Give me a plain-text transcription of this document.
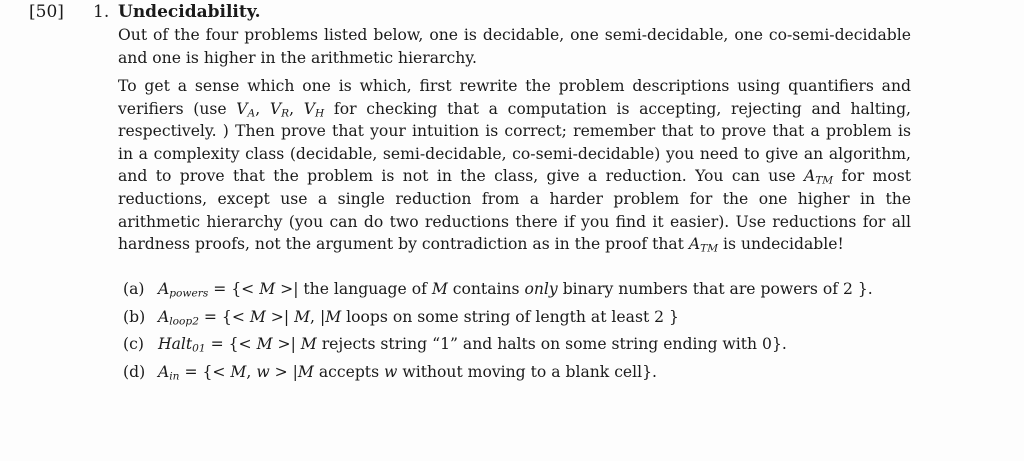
[50] 1. Undecidability.
Out of the four problems listed below, one is decidable, one semi-decidable, one co-semi-decidable and one is higher in the arithmetic hierarchy.
To get a sense which one is which, first rewrite the problem descriptions using quantifiers and verifiers (use $V_A$, $V_R$, $V_H$ for checking that a computation is accepting, rejecting and halting, respectively. ) Then prove that your intuition is correct; remember that to prove that a problem is in a complexity class (decidable, semi-decidable, co-semi-decidable) you need to give an algorithm, and to prove that the problem is not in the class, give a reduction. You can use $A_{TM}$ for most reductions, except use a single reduction from a harder problem for the one higher in the arithmetic hierarchy (you can do two reductions there if you find it easier). Use reductions for all hardness proofs, not the argument by contradiction as in the proof that $A_{TM}$ is undecidable!
(a) $A_{powers}$ = {< M >| the language of M contains only binary numbers that are powers of 2 }.
(b) $A_{loop2}$ = {< M >| M, |M loops on some string of length at least 2 }
(c) Halt$_{01}$ = {< M >| M rejects string “1” and halts on some string ending with 0}.
(d) $A_{in}$ = {< M, w > |M accepts w without moving to a blank cell}.
